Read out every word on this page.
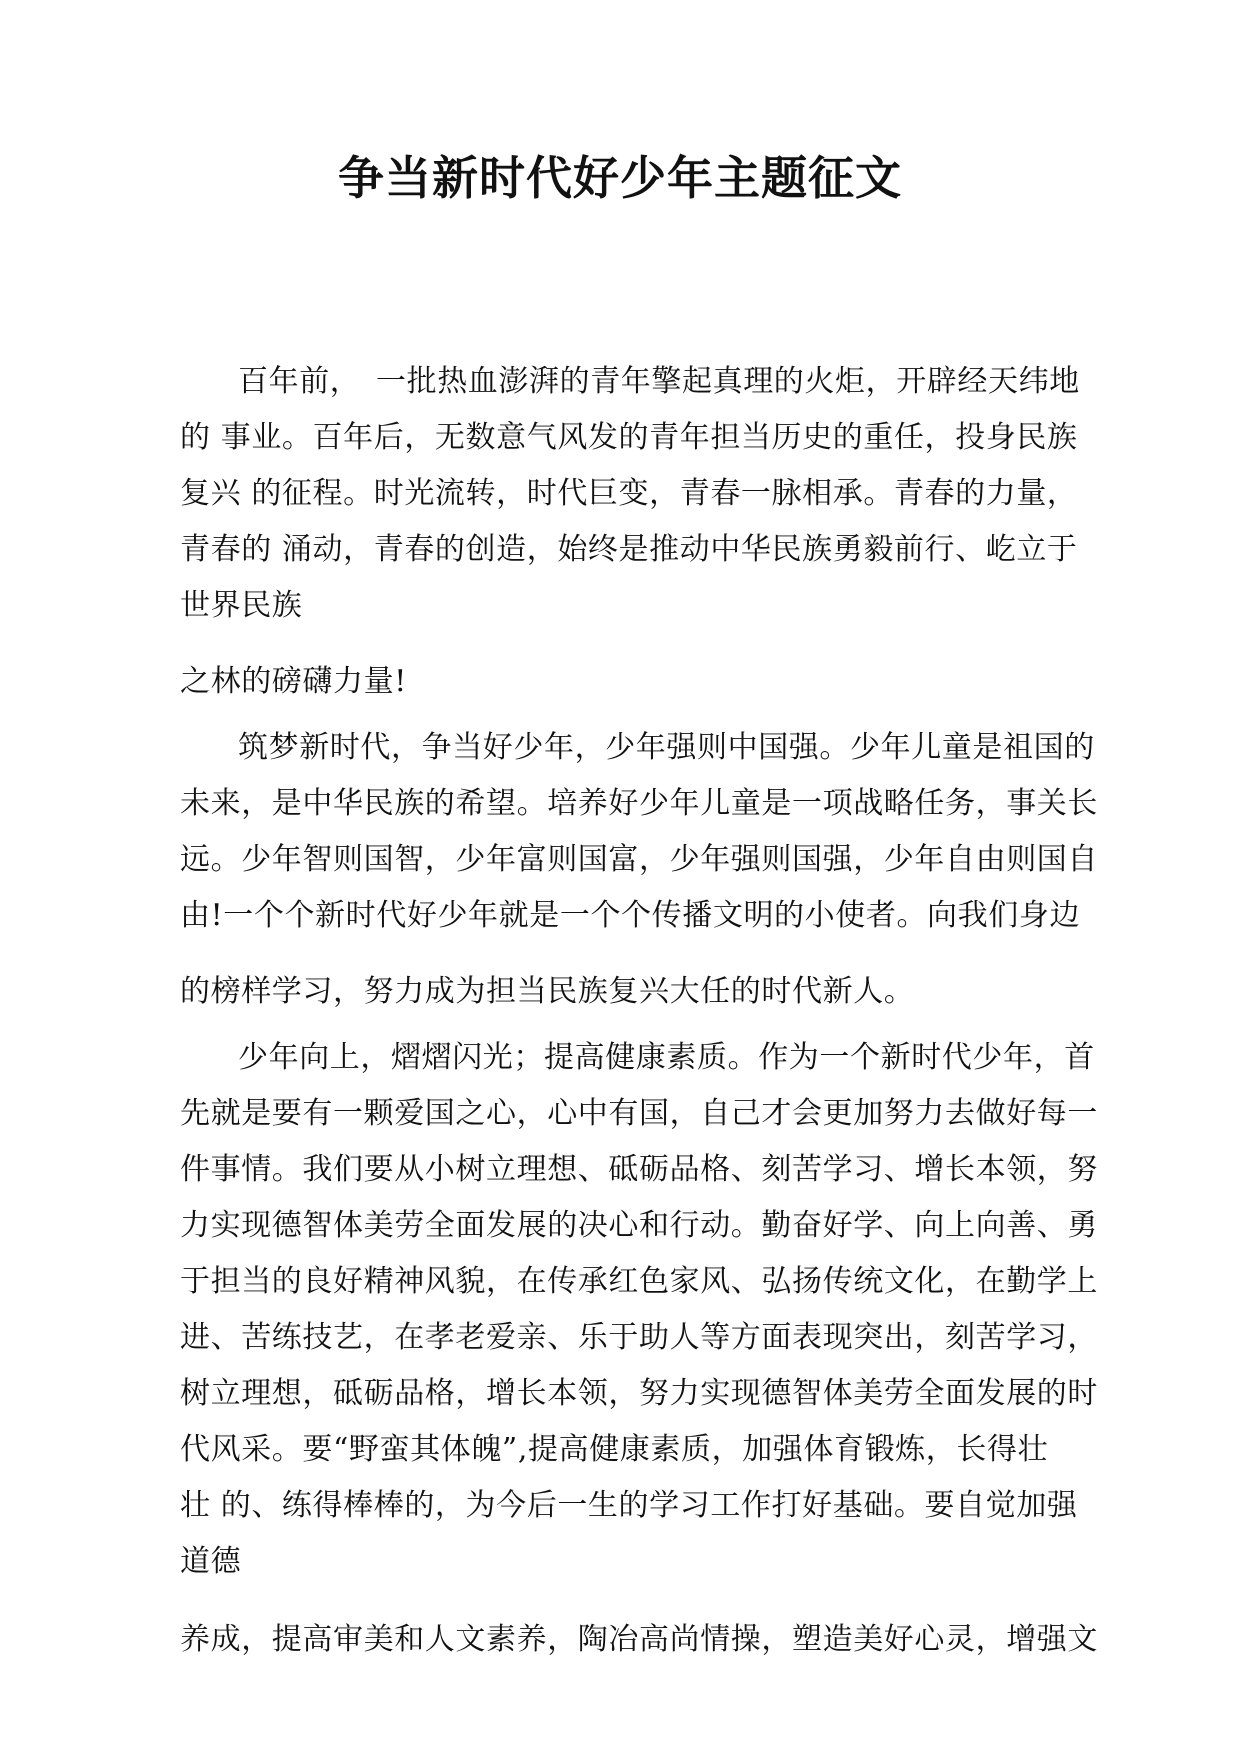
争当新时代好少年主题征文

百年前，　一批热血澎湃的青年擎起真理的火炬，开辟经天纬地

的 事业。百年后，无数意气风发的青年担当历史的重任，投身民族

复兴 的征程。时光流转，时代巨变，青春一脉相承。青春的力量，

青春的 涌动，青春的创造，始终是推动中华民族勇毅前行、屹立于

世界民族

之林的磅礴力量!

筑梦新时代，争当好少年，少年强则中国强。少年儿童是祖国的

未来，是中华民族的希望。培养好少年儿童是一项战略任务，事关长

远。少年智则国智，少年富则国富，少年强则国强，少年自由则国自

由!一个个新时代好少年就是一个个传播文明的小使者。向我们身边

的榜样学习，努力成为担当民族复兴大任的时代新人。

少年向上，熠熠闪光；提高健康素质。作为一个新时代少年，首

先就是要有一颗爱国之心，心中有国，自己才会更加努力去做好每一

件事情。我们要从小树立理想、砥砺品格、刻苦学习、增长本领，努

力实现德智体美劳全面发展的决心和行动。勤奋好学、向上向善、勇

于担当的良好精神风貌，在传承红色家风、弘扬传统文化，在勤学上

进、苦练技艺，在孝老爱亲、乐于助人等方面表现突出，刻苦学习，

树立理想，砥砺品格，增长本领，努力实现德智体美劳全面发展的时

代风采。要“野蛮其体魄”,提高健康素质，加强体育锻炼，长得壮

壮 的、练得棒棒的，为今后一生的学习工作打好基础。要自觉加强

道德

养成，提高审美和人文素养，陶冶高尚情操，塑造美好心灵，增强文
